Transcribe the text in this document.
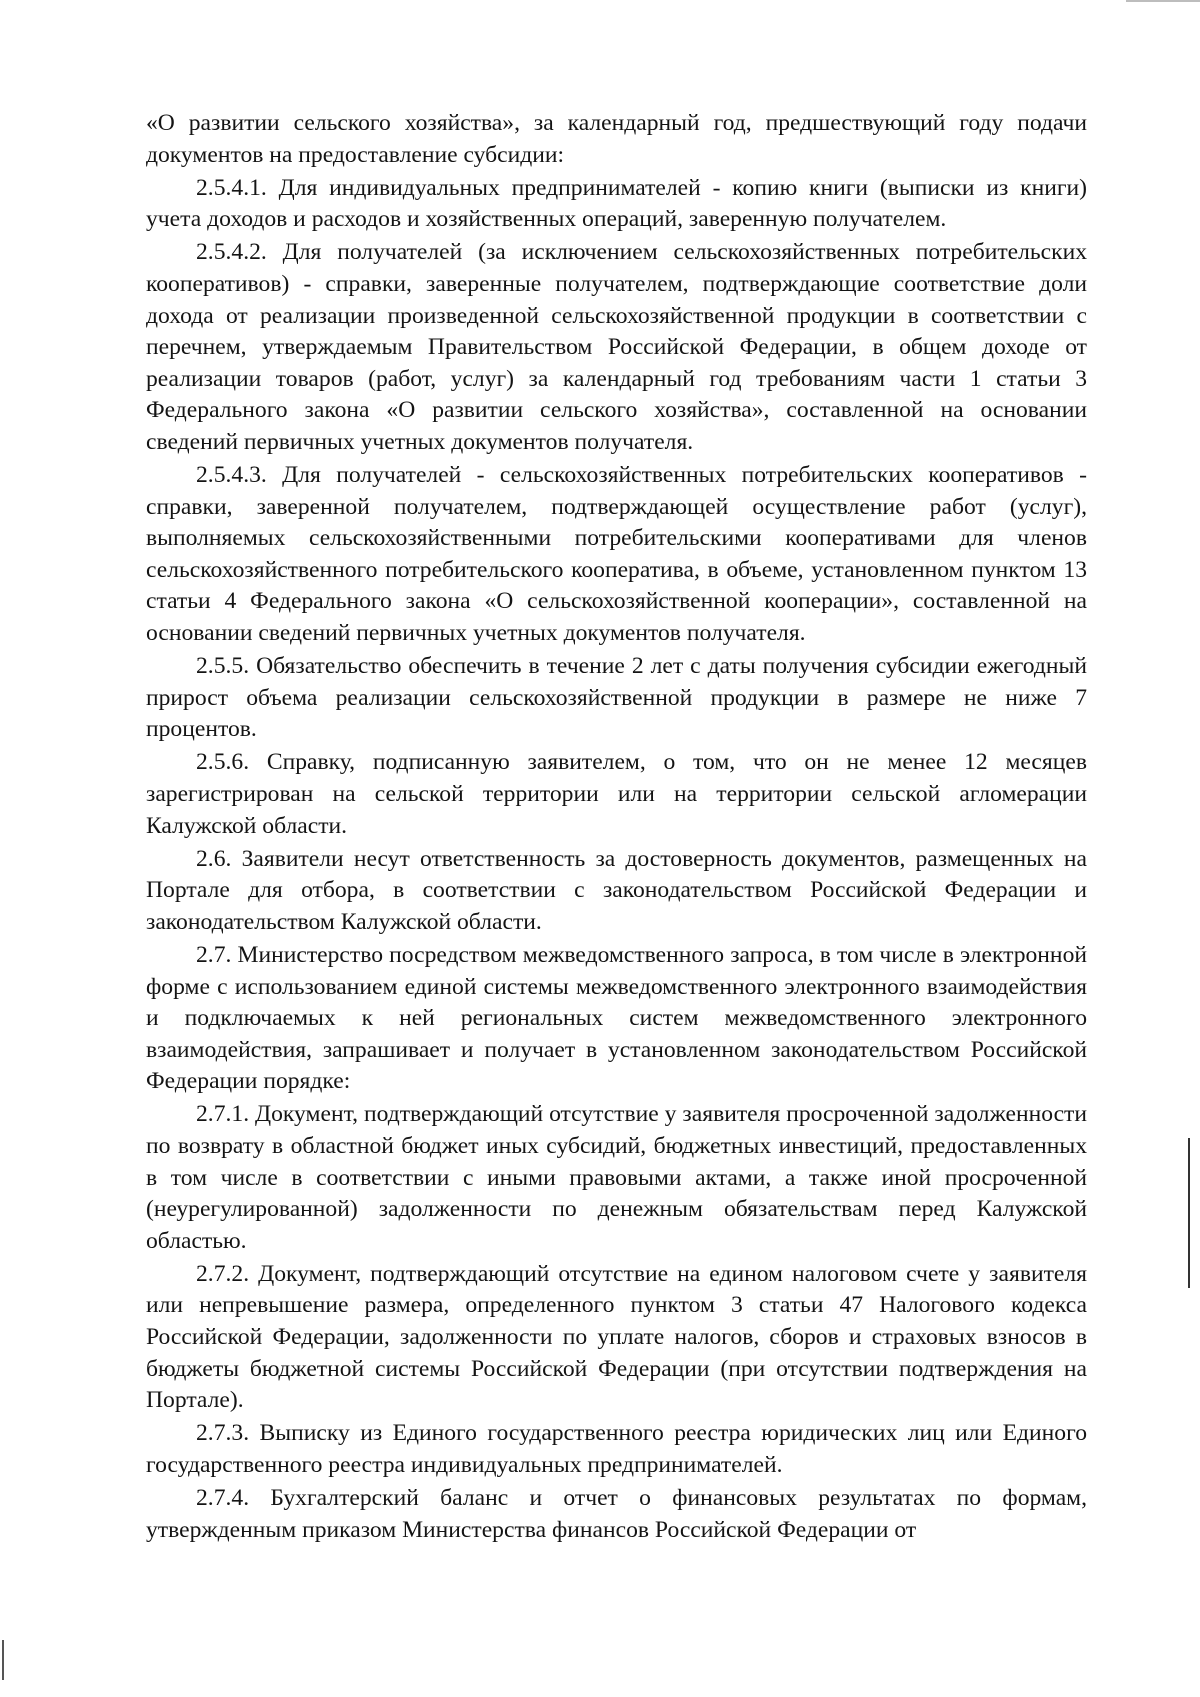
«О развитии сельского хозяйства», за календарный год, предшествующий году подачи документов на предоставление субсидии:

2.5.4.1. Для индивидуальных предпринимателей - копию книги (выписки из книги) учета доходов и расходов и хозяйственных операций, заверенную получателем.

2.5.4.2. Для получателей (за исключением сельскохозяйственных потребительских кооперативов) - справки, заверенные получателем, подтверждающие соответствие доли дохода от реализации произведенной сельскохозяйственной продукции в соответствии с перечнем, утверждаемым Правительством Российской Федерации, в общем доходе от реализации товаров (работ, услуг) за календарный год требованиям части 1 статьи 3 Федерального закона «О развитии сельского хозяйства», составленной на основании сведений первичных учетных документов получателя.

2.5.4.3. Для получателей - сельскохозяйственных потребительских кооперативов - справки, заверенной получателем, подтверждающей осуществление работ (услуг), выполняемых сельскохозяйственными потребительскими кооперативами для членов сельскохозяйственного потребительского кооператива, в объеме, установленном пунктом 13 статьи 4 Федерального закона «О сельскохозяйственной кооперации», составленной на основании сведений первичных учетных документов получателя.

2.5.5. Обязательство обеспечить в течение 2 лет с даты получения субсидии ежегодный прирост объема реализации сельскохозяйственной продукции в размере не ниже 7 процентов.

2.5.6. Справку, подписанную заявителем, о том, что он не менее 12 месяцев зарегистрирован на сельской территории или на территории сельской агломерации Калужской области.

2.6. Заявители несут ответственность за достоверность документов, размещенных на Портале для отбора, в соответствии с законодательством Российской Федерации и законодательством Калужской области.

2.7. Министерство посредством межведомственного запроса, в том числе в электронной форме с использованием единой системы межведомственного электронного взаимодействия и подключаемых к ней региональных систем межведомственного электронного взаимодействия, запрашивает и получает в установленном законодательством Российской Федерации порядке:

2.7.1. Документ, подтверждающий отсутствие у заявителя просроченной задолженности по возврату в областной бюджет иных субсидий, бюджетных инвестиций, предоставленных в том числе в соответствии с иными правовыми актами, а также иной просроченной (неурегулированной) задолженности по денежным обязательствам перед Калужской областью.

2.7.2. Документ, подтверждающий отсутствие на едином налоговом счете у заявителя или непревышение размера, определенного пунктом 3 статьи 47 Налогового кодекса Российской Федерации, задолженности по уплате налогов, сборов и страховых взносов в бюджеты бюджетной системы Российской Федерации (при отсутствии подтверждения на Портале).

2.7.3. Выписку из Единого государственного реестра юридических лиц или Единого государственного реестра индивидуальных предпринимателей.

2.7.4. Бухгалтерский баланс и отчет о финансовых результатах по формам, утвержденным приказом Министерства финансов Российской Федерации от
